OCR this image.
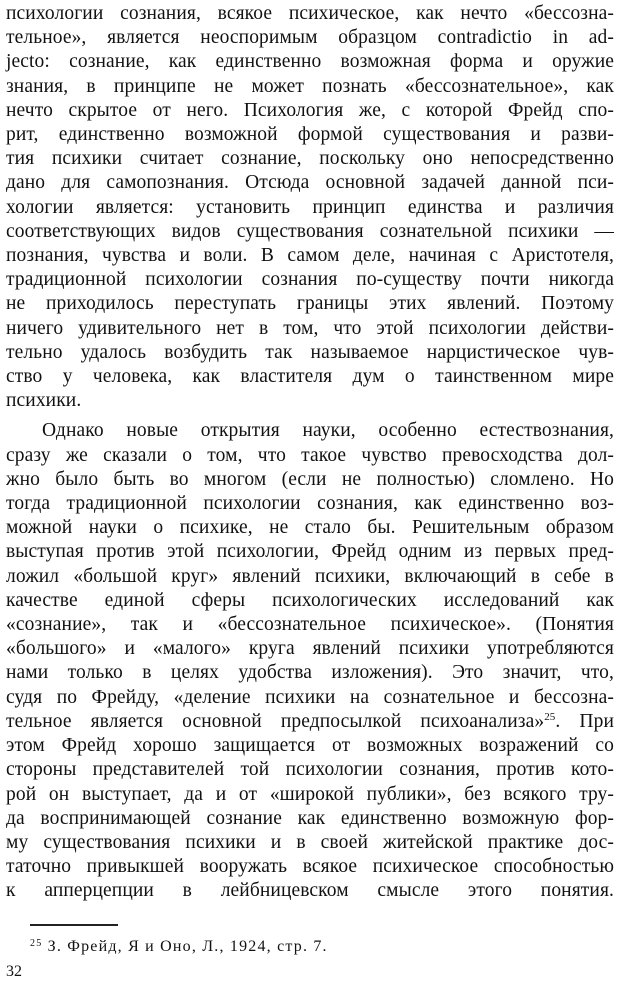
психологии сознания, всякое психическое, как нечто «бессозна-
тельное», является неоспоримым образцом contradictio in ad-
jecto: сознание, как единственно возможная форма и оружие
знания, в принципе не может познать «бессознательное», как
нечто скрытое от него. Психология же, с которой Фрейд спо-
рит, единственно возможной формой существования и разви-
тия психики считает сознание, поскольку оно непосредственно
дано для самопознания. Отсюда основной задачей данной пси-
хологии является: установить принцип единства и различия
соответствующих видов существования сознательной психики —
познания, чувства и воли. В самом деле, начиная с Аристотеля,
традиционной психологии сознания по-существу почти никогда
не приходилось переступать границы этих явлений. Поэтому
ничего удивительного нет в том, что этой психологии действи-
тельно удалось возбудить так называемое нарцистическое чув-
ство у человека, как властителя дум о таинственном мире
психики.
Однако новые открытия науки, особенно естествознания,
сразу же сказали о том, что такое чувство превосходства дол-
жно было быть во многом (если не полностью) сломлено. Но
тогда традиционной психологии сознания, как единственно воз-
можной науки о психике, не стало бы. Решительным образом
выступая против этой психологии, Фрейд одним из первых пред-
ложил «большой круг» явлений психики, включающий в себе в
качестве единой сферы психологических исследований как
«сознание», так и «бессознательное психическое». (Понятия
«большого» и «малого» круга явлений психики употребляются
нами только в целях удобства изложения). Это значит, что,
судя по Фрейду, «деление психики на сознательное и бессозна-
тельное является основной предпосылкой психоанализа»$^{25}$. При
этом Фрейд хорошо защищается от возможных возражений со
стороны представителей той психологии сознания, против кото-
рой он выступает, да и от «широкой публики», без всякого тру-
да воспринимающей сознание как единственно возможную фор-
му существования психики и в своей житейской практике дос-
таточно привыкшей вооружать всякое психическое способностью
к апперцепции в лейбницевском смысле этого понятия.
$^{25}$ З. Фрейд, Я и Оно, Л., 1924, стр. 7.
32
